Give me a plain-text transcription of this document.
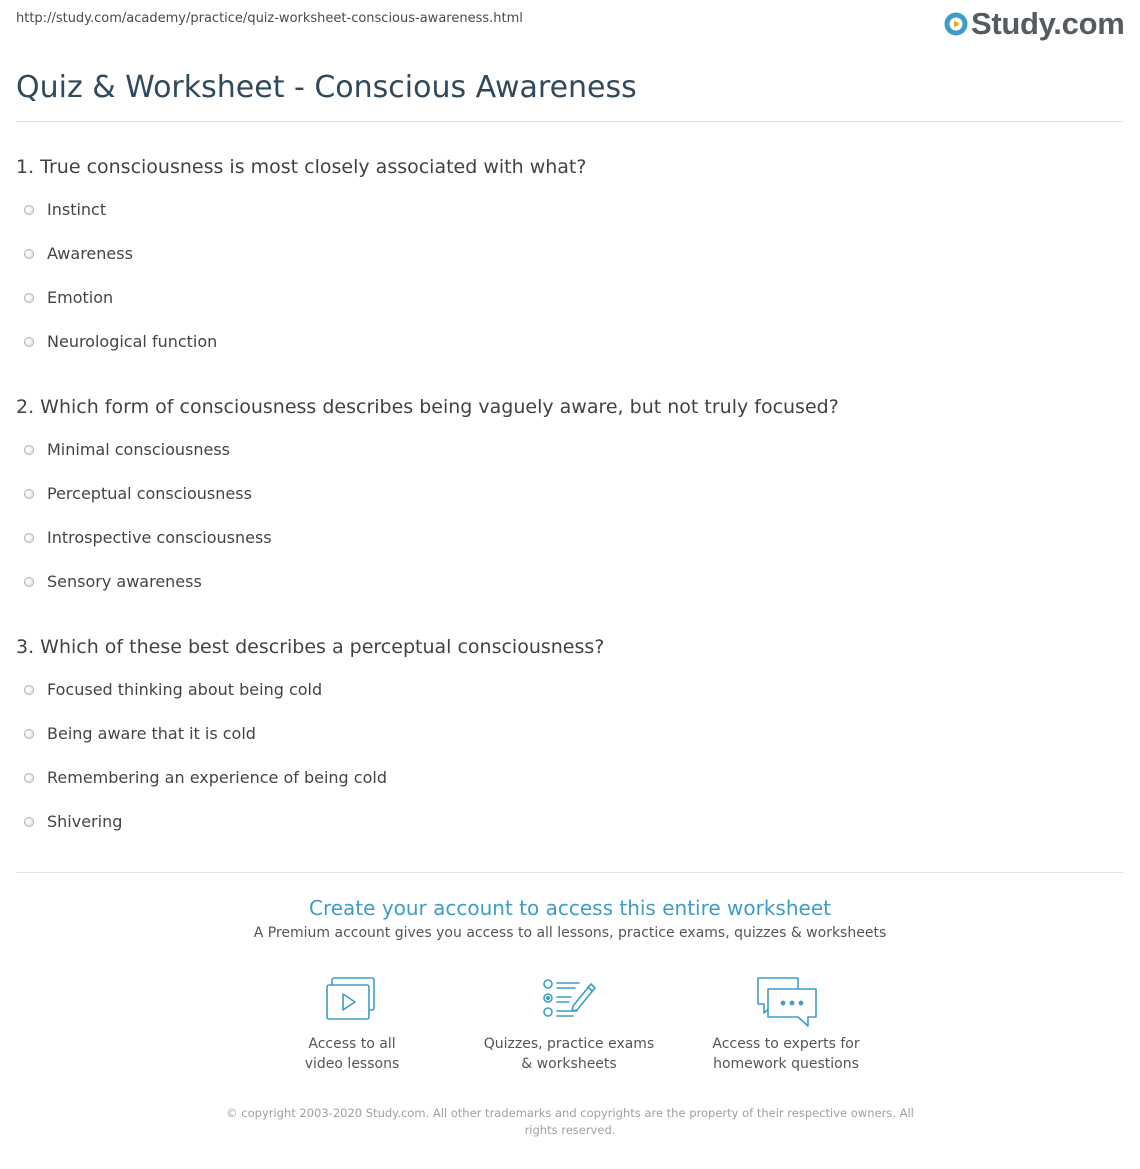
http://study.com/academy/practice/quiz-worksheet-conscious-awareness.html	Study.com
Quiz & Worksheet - Conscious Awareness
1. True consciousness is most closely associated with what?
Instinct
Awareness
Emotion
Neurological function
2. Which form of consciousness describes being vaguely aware, but not truly focused?
Minimal consciousness
Perceptual consciousness
Introspective consciousness
Sensory awareness
3. Which of these best describes a perceptual consciousness?
Focused thinking about being cold
Being aware that it is cold
Remembering an experience of being cold
Shivering
Create your account to access this entire worksheet
A Premium account gives you access to all lessons, practice exams, quizzes & worksheets
Access to all
video lessons
Quizzes, practice exams
& worksheets
Access to experts for
homework questions
© copyright 2003-2020 Study.com. All other trademarks and copyrights are the property of their respective owners. All rights reserved.
